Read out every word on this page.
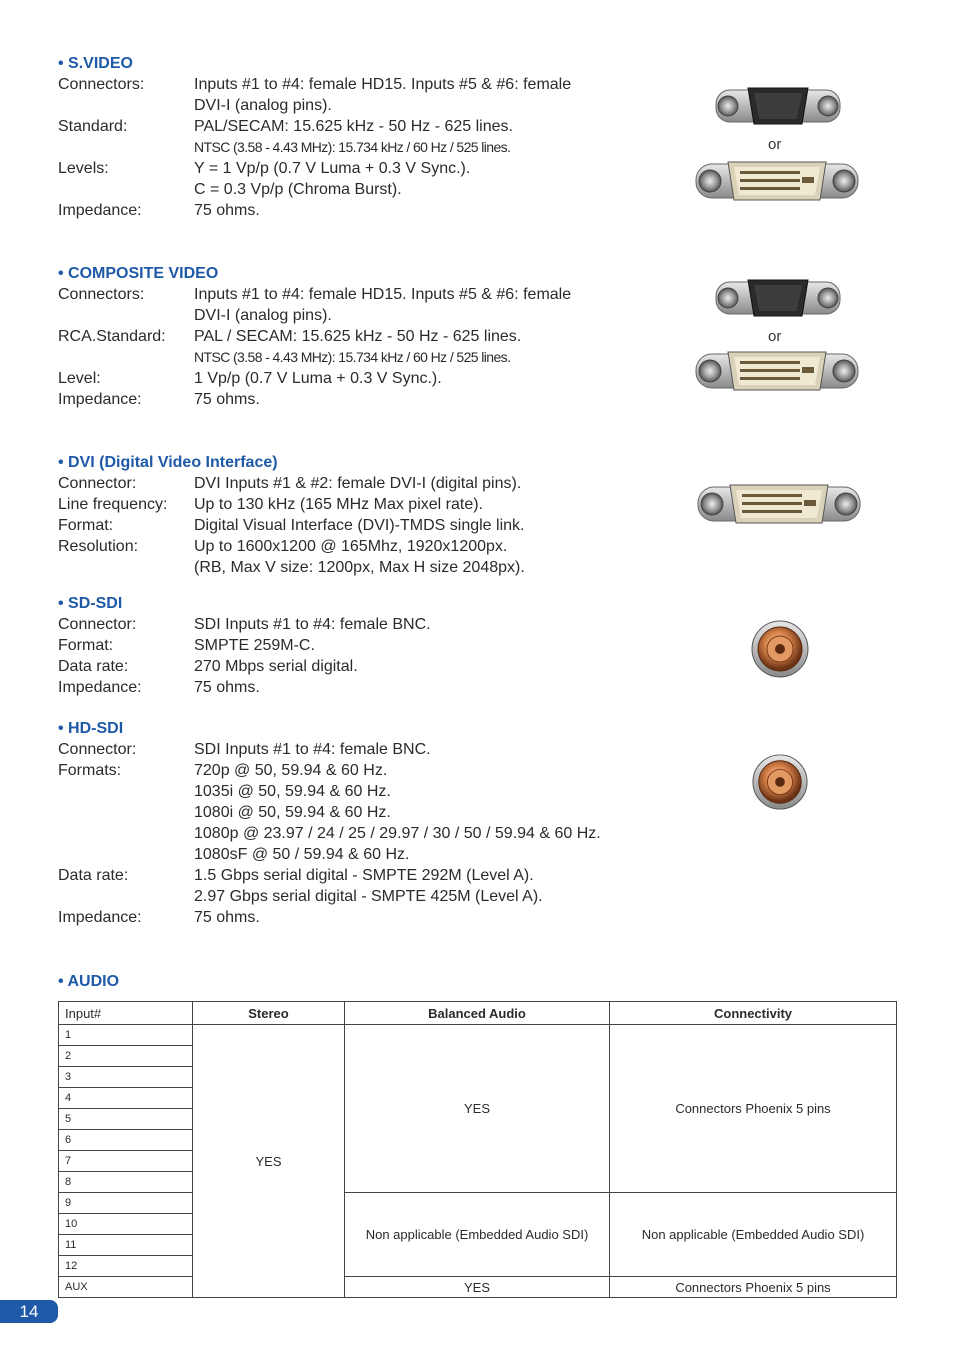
• S.VIDEO
Connectors:	Inputs #1 to #4: female HD15. Inputs #5 & #6: female
DVI-I (analog pins).
Standard:	PAL/SECAM: 15.625 kHz - 50 Hz - 625 lines.
NTSC (3.58 - 4.43 MHz): 15.734 kHz / 60 Hz / 525 lines.
Levels:	Y = 1 Vp/p (0.7 V Luma + 0.3 V Sync.).
C = 0.3 Vp/p (Chroma Burst).
Impedance:	75 ohms.
• COMPOSITE VIDEO
Connectors:	Inputs #1 to #4: female HD15. Inputs #5 & #6: female
DVI-I (analog pins).
RCA.Standard:	PAL / SECAM: 15.625 kHz - 50 Hz - 625 lines.
NTSC (3.58 - 4.43 MHz): 15.734 kHz / 60 Hz / 525 lines.
Level:	1 Vp/p (0.7 V Luma + 0.3 V Sync.).
Impedance:	75 ohms.
• DVI (Digital Video Interface)
Connector:	DVI Inputs #1 & #2: female DVI-I (digital pins).
Line frequency:	Up to 130 kHz (165 MHz Max pixel rate).
Format:	Digital Visual Interface (DVI)-TMDS single link.
Resolution:	Up to 1600x1200 @ 165Mhz, 1920x1200px.
(RB, Max V size: 1200px, Max H size 2048px).
• SD-SDI
Connector:	SDI Inputs #1 to #4: female BNC.
Format:	SMPTE 259M-C.
Data rate:	270 Mbps serial digital.
Impedance:	75 ohms.
• HD-SDI
Connector:	SDI Inputs #1 to #4: female BNC.
Formats:	720p @ 50, 59.94 & 60 Hz.
1035i @ 50, 59.94 & 60 Hz.
1080i @ 50, 59.94 & 60 Hz.
1080p @ 23.97 / 24 / 25 / 29.97 / 30 / 50 / 59.94 & 60 Hz.
1080sF @ 50 / 59.94 & 60 Hz.
Data rate:	1.5 Gbps serial digital - SMPTE 292M (Level A).
2.97 Gbps serial digital - SMPTE 425M (Level A).
Impedance:	75 ohms.
• AUDIO
or
or
Input#	Stereo	Balanced Audio	Connectivity
1	YES	YES	Connectors Phoenix 5 pins
2			
3			
4			
5			
6			
7			
8			
9		Non applicable (Embedded Audio SDI)	Non applicable (Embedded Audio SDI)
10			
11			
12			
AUX		YES	Connectors Phoenix 5 pins
14
